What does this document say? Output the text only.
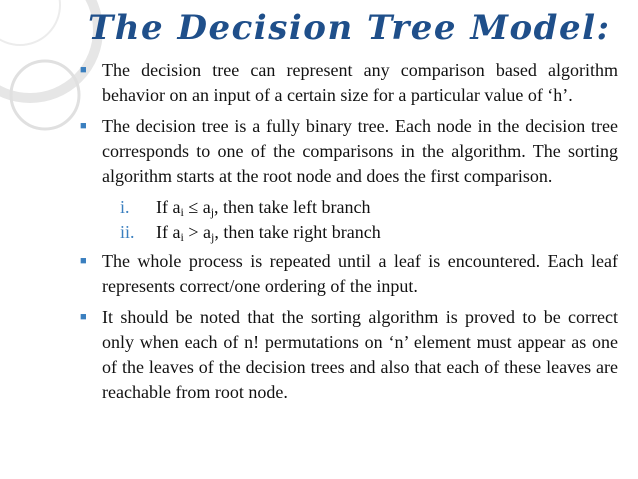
The Decision Tree Model:
■ The decision tree can represent any comparison based algorithm behavior on an input of a certain size for a particular value of ‘h’.
■ The decision tree is a fully binary tree. Each node in the decision tree corresponds to one of the comparisons in the algorithm. The sorting algorithm starts at the root node and does the first comparison.
i. If $a_i \le a_j$, then take left branch
ii. If $a_i > a_j$, then take right branch
■ The whole process is repeated until a leaf is encountered. Each leaf represents correct/one ordering of the input.
■ It should be noted that the sorting algorithm is proved to be correct only when each of n! permutations on ‘n’ element must appear as one of the leaves of the decision trees and also that each of these leaves are reachable from root node.
